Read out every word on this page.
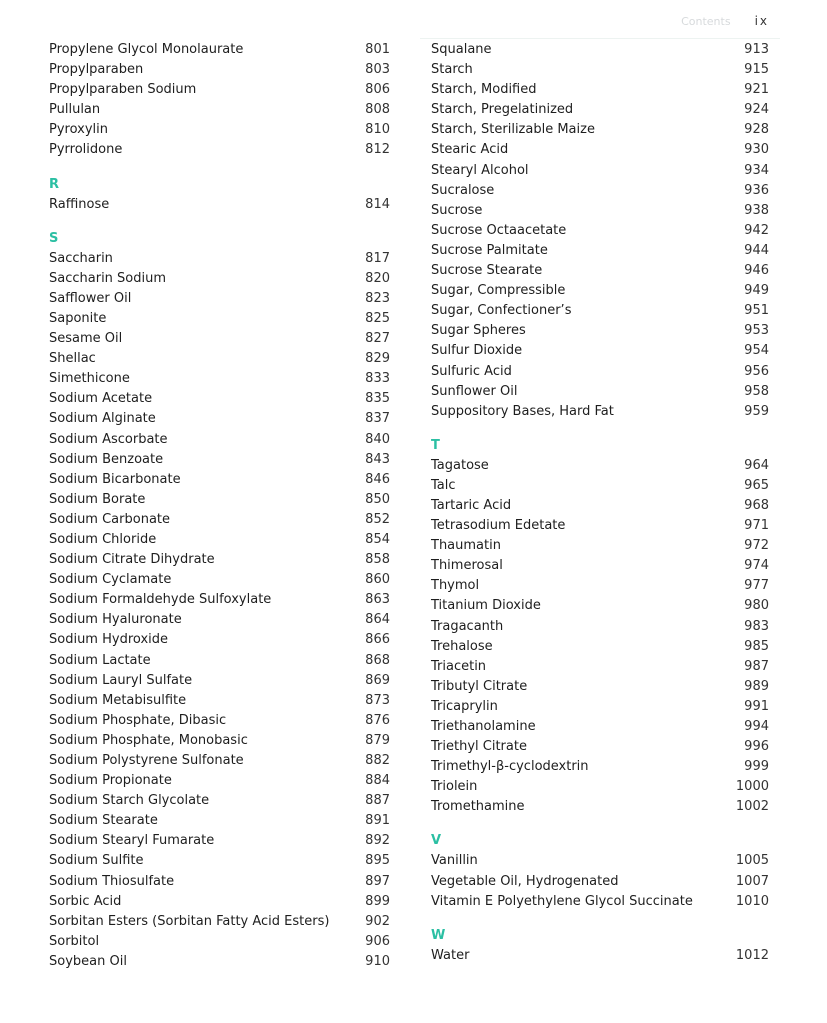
Contents ix
Propylene Glycol Monolaurate	801
Propylparaben	803
Propylparaben Sodium	806
Pullulan	808
Pyroxylin	810
Pyrrolidone	812
R
Raffinose	814
S
Saccharin	817
Saccharin Sodium	820
Safflower Oil	823
Saponite	825
Sesame Oil	827
Shellac	829
Simethicone	833
Sodium Acetate	835
Sodium Alginate	837
Sodium Ascorbate	840
Sodium Benzoate	843
Sodium Bicarbonate	846
Sodium Borate	850
Sodium Carbonate	852
Sodium Chloride	854
Sodium Citrate Dihydrate	858
Sodium Cyclamate	860
Sodium Formaldehyde Sulfoxylate	863
Sodium Hyaluronate	864
Sodium Hydroxide	866
Sodium Lactate	868
Sodium Lauryl Sulfate	869
Sodium Metabisulfite	873
Sodium Phosphate, Dibasic	876
Sodium Phosphate, Monobasic	879
Sodium Polystyrene Sulfonate	882
Sodium Propionate	884
Sodium Starch Glycolate	887
Sodium Stearate	891
Sodium Stearyl Fumarate	892
Sodium Sulfite	895
Sodium Thiosulfate	897
Sorbic Acid	899
Sorbitan Esters (Sorbitan Fatty Acid Esters)	902
Sorbitol	906
Soybean Oil	910
Squalane	913
Starch	915
Starch, Modified	921
Starch, Pregelatinized	924
Starch, Sterilizable Maize	928
Stearic Acid	930
Stearyl Alcohol	934
Sucralose	936
Sucrose	938
Sucrose Octaacetate	942
Sucrose Palmitate	944
Sucrose Stearate	946
Sugar, Compressible	949
Sugar, Confectioner’s	951
Sugar Spheres	953
Sulfur Dioxide	954
Sulfuric Acid	956
Sunflower Oil	958
Suppository Bases, Hard Fat	959
T
Tagatose	964
Talc	965
Tartaric Acid	968
Tetrasodium Edetate	971
Thaumatin	972
Thimerosal	974
Thymol	977
Titanium Dioxide	980
Tragacanth	983
Trehalose	985
Triacetin	987
Tributyl Citrate	989
Tricaprylin	991
Triethanolamine	994
Triethyl Citrate	996
Trimethyl-β-cyclodextrin	999
Triolein	1000
Tromethamine	1002
V
Vanillin	1005
Vegetable Oil, Hydrogenated	1007
Vitamin E Polyethylene Glycol Succinate	1010
W
Water	1012
